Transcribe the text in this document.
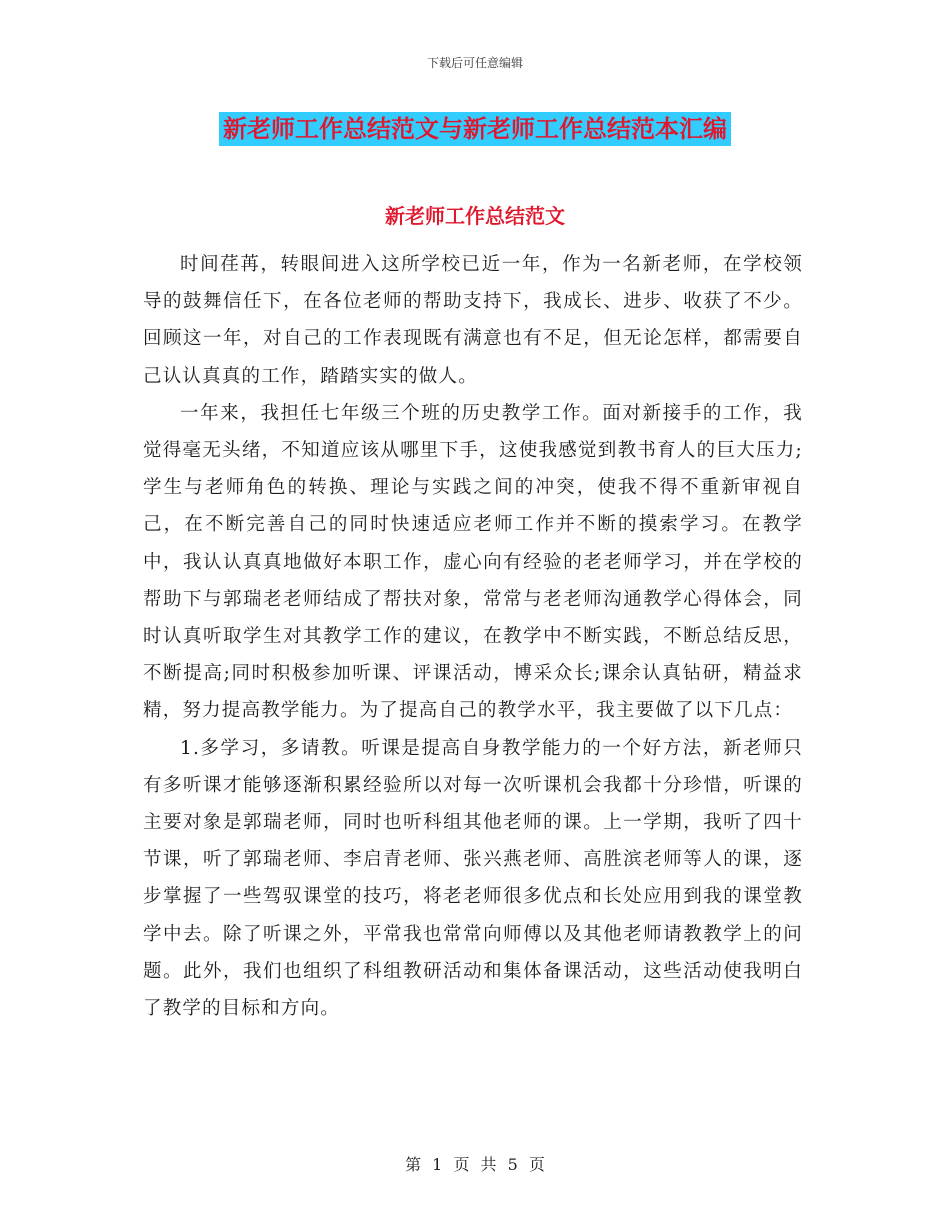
下载后可任意编辑
新老师工作总结范文与新老师工作总结范本汇编
新老师工作总结范文

时间荏苒，转眼间进入这所学校已近一年，作为一名新老师，在学校领导的鼓舞信任下，在各位老师的帮助支持下，我成长、进步、收获了不少。回顾这一年，对自己的工作表现既有满意也有不足，但无论怎样，都需要自己认认真真的工作，踏踏实实的做人。

一年来，我担任七年级三个班的历史教学工作。面对新接手的工作，我觉得毫无头绪，不知道应该从哪里下手，这使我感觉到教书育人的巨大压力;学生与老师角色的转换、理论与实践之间的冲突，使我不得不重新审视自己，在不断完善自己的同时快速适应老师工作并不断的摸索学习。在教学中，我认认真真地做好本职工作，虚心向有经验的老老师学习，并在学校的帮助下与郭瑞老老师结成了帮扶对象，常常与老老师沟通教学心得体会，同时认真听取学生对其教学工作的建议，在教学中不断实践，不断总结反思，不断提高;同时积极参加听课、评课活动，博采众长;课余认真钻研，精益求精，努力提高教学能力。为了提高自己的教学水平，我主要做了以下几点：

1.多学习，多请教。听课是提高自身教学能力的一个好方法，新老师只有多听课才能够逐渐积累经验所以对每一次听课机会我都十分珍惜，听课的主要对象是郭瑞老师，同时也听科组其他老师的课。上一学期，我听了四十节课，听了郭瑞老师、李启青老师、张兴燕老师、高胜滨老师等人的课，逐步掌握了一些驾驭课堂的技巧，将老老师很多优点和长处应用到我的课堂教学中去。除了听课之外，平常我也常常向师傅以及其他老师请教教学上的问题。此外，我们也组织了科组教研活动和集体备课活动，这些活动使我明白了教学的目标和方向。

第 1 页 共 5 页
